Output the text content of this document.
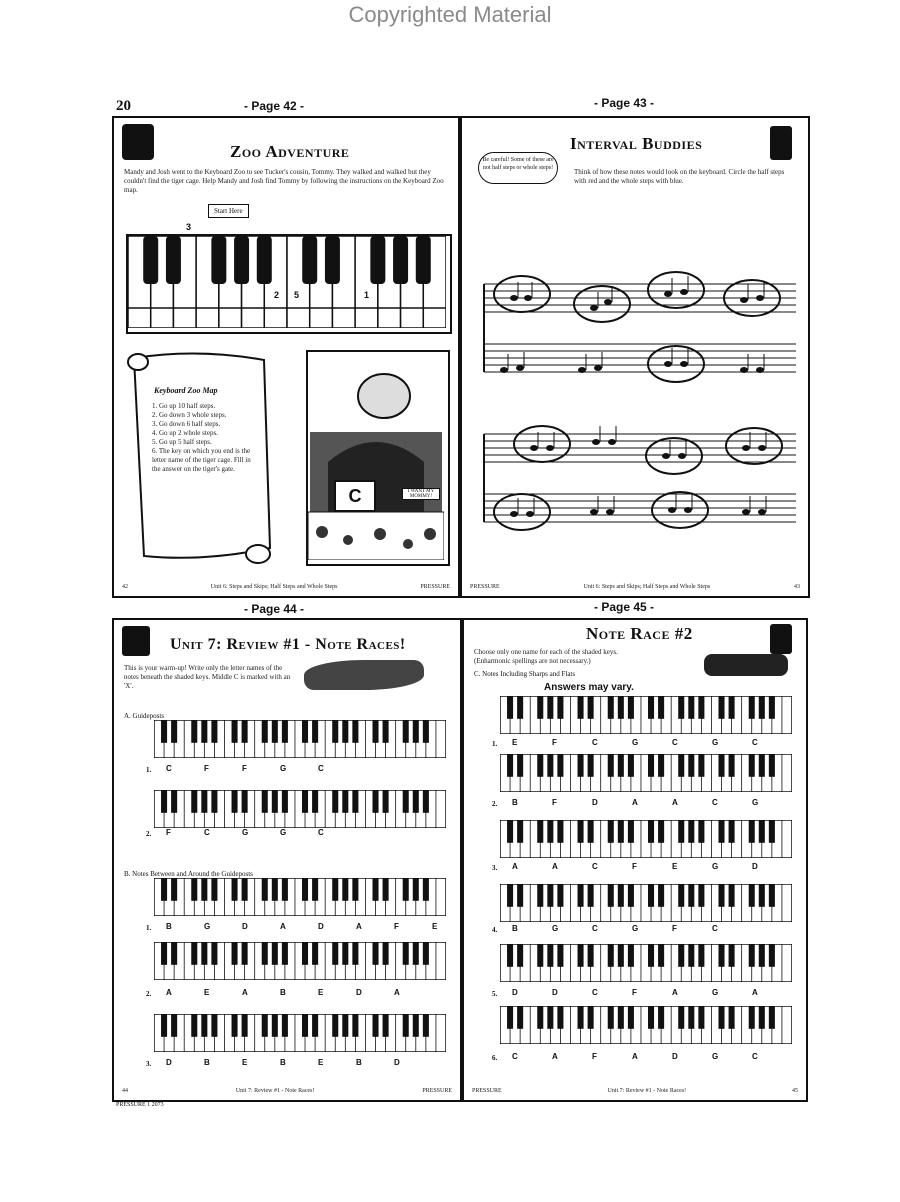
Copyrighted Material
20	- Page 42 -	- Page 43 -
- Page 44 -	- Page 45 -
Zoo Adventure
Mandy and Josh went to the Keyboard Zoo to see Tucker's cousin, Tommy. They walked and walked but they couldn't find the tiger cage. Help Mandy and Josh find Tommy by following the instructions on the Keyboard Zoo map.
Start Here
3
2 5	1
Keyboard Zoo Map
1. Go up 10 half steps.
2. Go down 3 whole steps.
3. Go down 6 half steps.
4. Go up 2 whole steps.
5. Go up 5 half steps.
6. The key on which you end is the letter name of the tiger cage. Fill in the answer on the tiger's gate.
C	I WANT MY MOMMY!
42	Unit 6: Steps and Skips; Half Steps and Whole Steps	PRESSURE
Interval Buddies
Be careful! Some of these are not half steps or whole steps!	Think of how these notes would look on the keyboard. Circle the half steps with red and the whole steps with blue.
PRESSURE	Unit 6: Steps and Skips; Half Steps and Whole Steps	43
Unit 7: Review #1 - Note Races!
This is your warm-up! Write only the letter names of the notes beneath the shaded keys. Middle C is marked with an 'X'.
A. Guideposts
B. Notes Between and Around the Guideposts
44	Unit 7: Review #1 - Note Races!	PRESSURE
1. C	F	F	G	C
2. F	C	G	G	C
1. B	G	D	A	D	A	F	E
2. A	E	A	B	E	D	A
3. D	B	E	B	E	B	D
Note Race #2
Choose only one name for each of the shaded keys. (Enharmonic spellings are not necessary.)
C. Notes Including Sharps and Flats
Answers may vary.
PRESSURE	Unit 7: Review #1 - Note Races!	45
1. E	F	C	G	C	G	C
2. B	F	D	A	A	C	G
3. A	A	C	F	E	G	D
4. B	G	C	G	F	C
5. D	D	C	F	A	G	A
6. C	A	F	A	D	G	C
PRESSURE 1 2073
